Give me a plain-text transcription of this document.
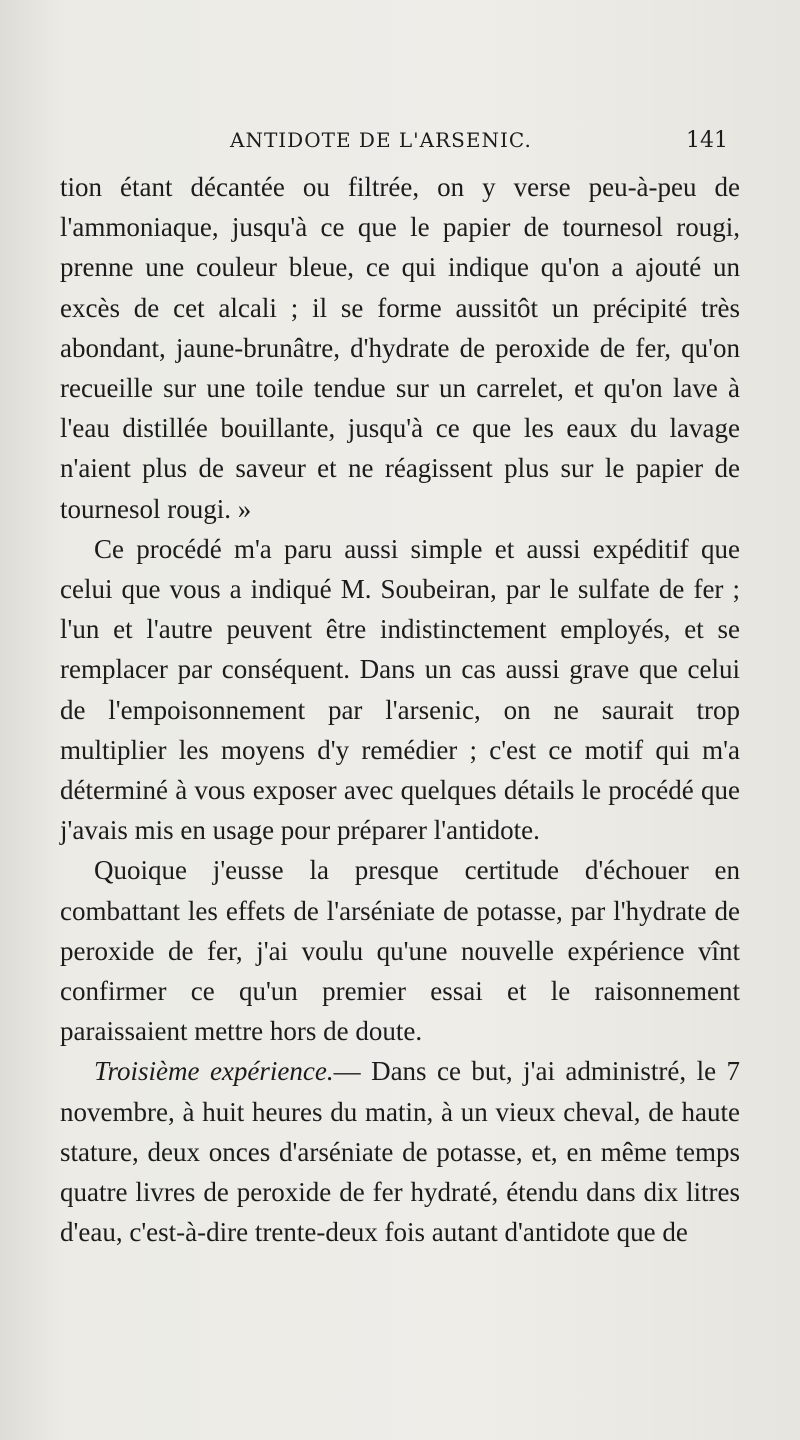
ANTIDOTE DE L'ARSENIC.	141

tion étant décantée ou filtrée, on y verse peu-à-peu de l'ammoniaque, jusqu'à ce que le papier de tournesol rougi, prenne une couleur bleue, ce qui indique qu'on a ajouté un excès de cet alcali ; il se forme aussitôt un précipité très abondant, jaune-brunâtre, d'hydrate de peroxide de fer, qu'on recueille sur une toile tendue sur un carrelet, et qu'on lave à l'eau distillée bouillante, jusqu'à ce que les eaux du lavage n'aient plus de saveur et ne réagissent plus sur le papier de tournesol rougi. »

Ce procédé m'a paru aussi simple et aussi expéditif que celui que vous a indiqué M. Soubeiran, par le sulfate de fer ; l'un et l'autre peuvent être indistinctement employés, et se remplacer par conséquent. Dans un cas aussi grave que celui de l'empoisonnement par l'arsenic, on ne saurait trop multiplier les moyens d'y remédier ; c'est ce motif qui m'a déterminé à vous exposer avec quelques détails le procédé que j'avais mis en usage pour préparer l'antidote.

Quoique j'eusse la presque certitude d'échouer en combattant les effets de l'arséniate de potasse, par l'hydrate de peroxide de fer, j'ai voulu qu'une nouvelle expérience vînt confirmer ce qu'un premier essai et le raisonnement paraissaient mettre hors de doute.

Troisième expérience.— Dans ce but, j'ai administré, le 7 novembre, à huit heures du matin, à un vieux cheval, de haute stature, deux onces d'arséniate de potasse, et, en même temps quatre livres de peroxide de fer hydraté, étendu dans dix litres d'eau, c'est-à-dire trente-deux fois autant d'antidote que de
